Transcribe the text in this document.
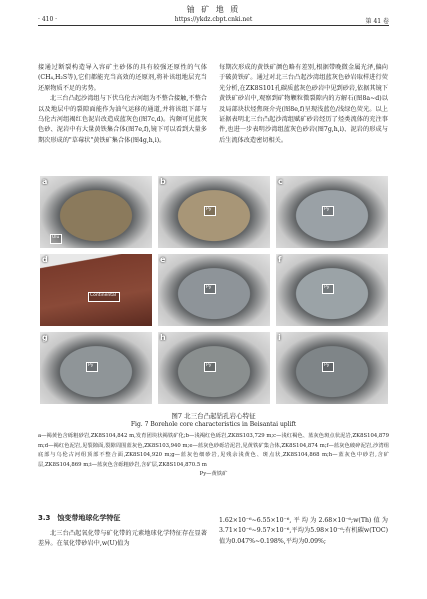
铀 矿 地 质
· 410 ·	https://ykdz.cbpt.cnki.net	第 41 卷

接通过断裂构造导入容矿主砂体的具有较强还原性的气体(CH₄,H₂S等),它们都能充当高效的还原剂,将补该组地层充当还原物质不足的劣势。

北三台凸起沙湾组与下伏乌伦古河组为不整合接触,不整合以及地层中的裂隙面能作为油气运移的通道,并将该组下部与乌伦古河组褐红色泥岩改造成蓝灰色(图7c,d)。沟颇可见蓝灰色砂、泥岩中有大量黄铁集合体(图7e,f),镜下可以看到大量多期次形成的"草莓状"黄铁矿集合体(图4g,h,i)。

每期次形成的黄铁矿颜色略有差别,根据带晚微金属光泽,偏向于破黄铁矿。通过对北三台凸起沙湾组蓝灰色砂岩取样进行荧光分析,在ZK8S101孔碳质蓝灰色砂岩中见到砂岩,依据其镜下黄铁矿砂岩中,观察到矿物颗粒微裂隙内的方解石(图8a~d)以及局部块状烃焦斑介壳(图8e,f)呈现浅蓝色/浅绿色荧光。以上证据表明北三台凸起沙湾组赋矿砂岩经历了烃类流体的充注事件,也进一步表明沙湾组蓝灰色砂岩(图7g,h,i)、泥岩的形成与后生流体改造密切相关。

a
Ulu
b
Py
c
Py
d
Continental
e
Py
f
Py
g
Py
h
Py
i
Py
图7 北三台凸起钻孔岩心特征
Fig. 7 Borehole core characteristics in Beisantai uplift

a—褐黄色含砾粗砂岩,ZK8S104,842 m,发育团块状褐铁矿化;b—浅褐红色砾岩,ZK8S103,729 m;c—浅红褐色、蓝灰色斑点状泥岩,ZK8S104,879 m;d—褐红色泥岩,见裂隙面,裂隙周围蓝灰色,ZK8S103,940 m;e—蓝灰色砂砾岩泥岩,见黄铁矿集合体,ZK8S104,874 m;f—蓝灰色破碎泥岩,沙湾组底部与乌伦古河组顶部不整合面,ZK8S104,920 m;g—蓝灰色细砂岩,见残余浅黄色、斑点状,ZK8S104,868 m;h—蓝灰色中砂岩,含矿层,ZK8S104,869 m;i—蓝灰色含砾粗砂岩,含矿层,ZK8S104,870.5 m

Py—黄铁矿

3.3　蚀变带地球化学特征

北三台凸起氧化带与矿化带的元素地球化学特征存在显著差异。在氧化带砂岩中,w(U)值为

1.62×10⁻⁶~6.55×10⁻⁶,平均为2.68×10⁻⁶;w(Th)值为3.71×10⁻⁶~9.57×10⁻⁶,平均为5.98×10⁻⁶;有机碳w(TOC)值为0.047%~0.198%,平均为0.09%;
